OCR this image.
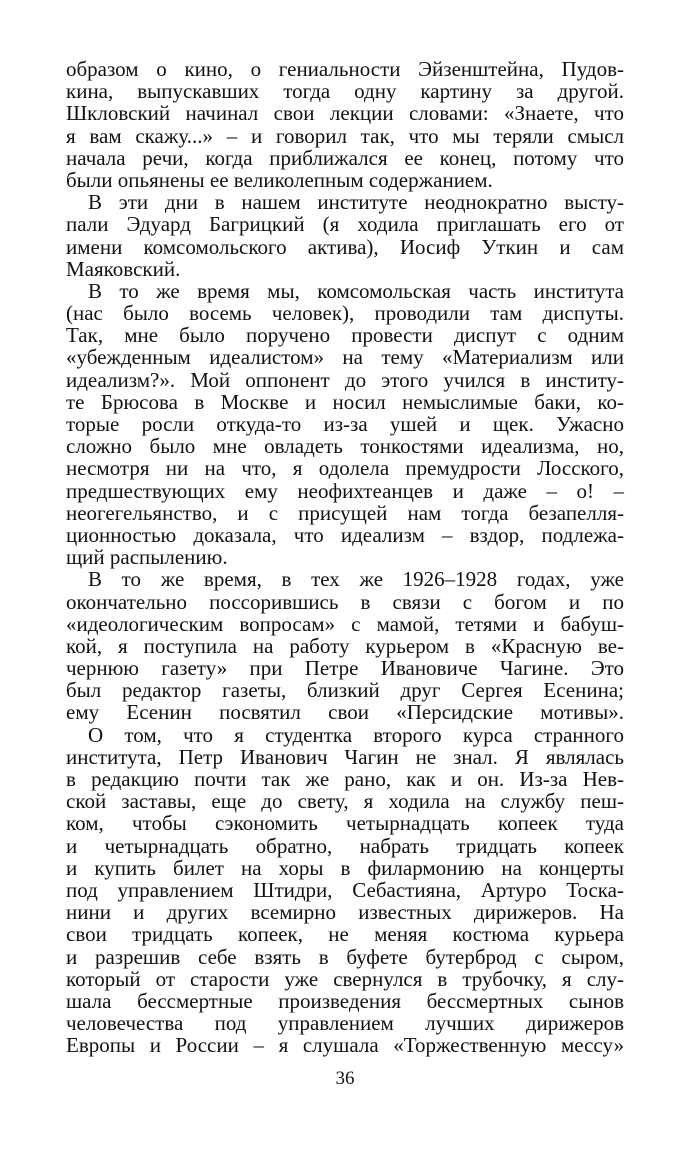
образом о кино, о гениальности Эйзенштейна, Пудов-
кина, выпускавших тогда одну картину за другой.
Шкловский начинал свои лекции словами: «Знаете, что
я вам скажу...» – и говорил так, что мы теряли смысл
начала речи, когда приближался ее конец, потому что
были опьянены ее великолепным содержанием.
В эти дни в нашем институте неоднократно высту-
пали Эдуард Багрицкий (я ходила приглашать его от
имени комсомольского актива), Иосиф Уткин и сам
Маяковский.
В то же время мы, комсомольская часть института
(нас было восемь человек), проводили там диспуты.
Так, мне было поручено провести диспут с одним
«убежденным идеалистом» на тему «Материализм или
идеализм?». Мой оппонент до этого учился в институ-
те Брюсова в Москве и носил немыслимые баки, ко-
торые росли откуда-то из-за ушей и щек. Ужасно
сложно было мне овладеть тонкостями идеализма, но,
несмотря ни на что, я одолела премудрости Лосского,
предшествующих ему неофихтеанцев и даже – о! –
неогегельянство, и с присущей нам тогда безапелля-
ционностью доказала, что идеализм – вздор, подлежа-
щий распылению.
В то же время, в тех же 1926–1928 годах, уже
окончательно поссорившись в связи с богом и по
«идеологическим вопросам» с мамой, тетями и бабуш-
кой, я поступила на работу курьером в «Красную ве-
чернюю газету» при Петре Ивановиче Чагине. Это
был редактор газеты, близкий друг Сергея Есенина;
ему Есенин посвятил свои «Персидские мотивы».
О том, что я студентка второго курса странного
института, Петр Иванович Чагин не знал. Я являлась
в редакцию почти так же рано, как и он. Из-за Нев-
ской заставы, еще до свету, я ходила на службу пеш-
ком, чтобы сэкономить четырнадцать копеек туда
и четырнадцать обратно, набрать тридцать копеек
и купить билет на хоры в филармонию на концерты
под управлением Штидри, Себастияна, Артуро Тоска-
нини и других всемирно известных дирижеров. На
свои тридцать копеек, не меняя костюма курьера
и разрешив себе взять в буфете бутерброд с сыром,
который от старости уже свернулся в трубочку, я слу-
шала бессмертные произведения бессмертных сынов
человечества под управлением лучших дирижеров
Европы и России – я слушала «Торжественную мессу»
36
